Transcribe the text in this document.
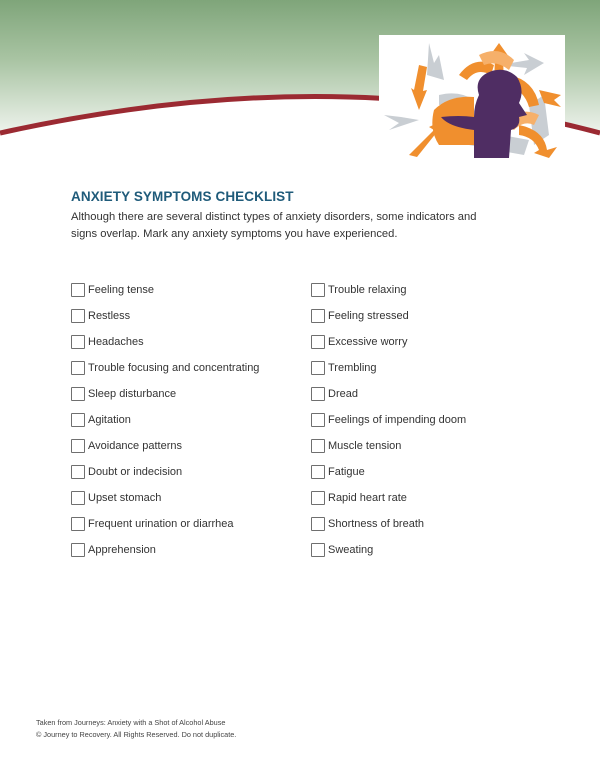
ANXIETY SYMPTOMS CHECKLIST

Although there are several distinct types of anxiety disorders, some indicators and signs overlap. Mark any anxiety symptoms you have experienced.

Feeling tense
Restless
Headaches
Trouble focusing and concentrating
Sleep disturbance
Agitation
Avoidance patterns
Doubt or indecision
Upset stomach
Frequent urination or diarrhea
Apprehension
Trouble relaxing
Feeling stressed
Excessive worry
Trembling
Dread
Feelings of impending doom
Muscle tension
Fatigue
Rapid heart rate
Shortness of breath
Sweating
Taken from Journeys: Anxiety with a Shot of Alcohol Abuse
© Journey to Recovery. All Rights Reserved. Do not duplicate.
